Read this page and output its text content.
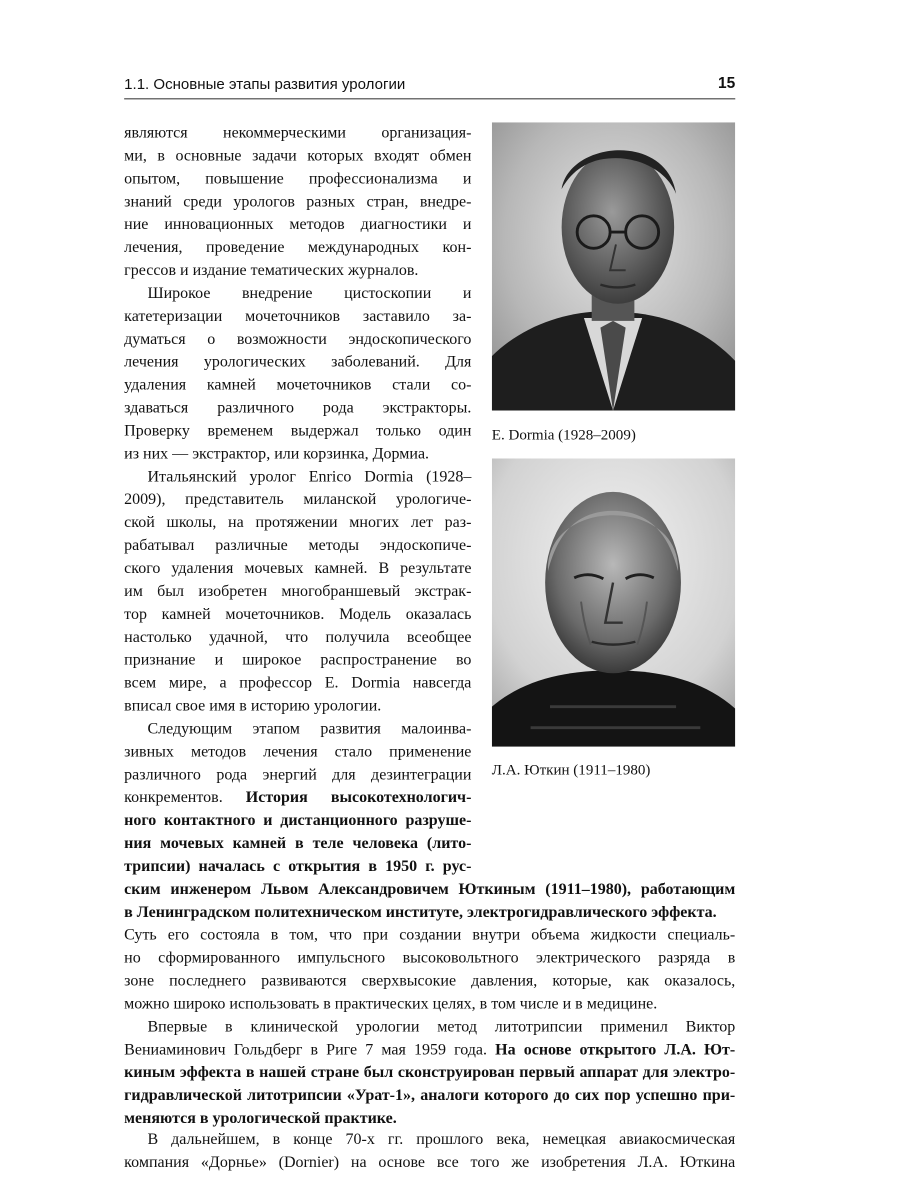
1.1. Основные этапы развития урологии	15
являются некоммерческими организация-
ми, в основные задачи которых входят обмен
опытом, повышение профессионализма и
знаний среди урологов разных стран, внедре-
ние инновационных методов диагностики и
лечения, проведение международных кон-
грессов и издание тематических журналов.
Широкое внедрение цистоскопии и
катетеризации мочеточников заставило за-
думаться о возможности эндоскопического
лечения урологических заболеваний. Для
удаления камней мочеточников стали со-
здаваться различного рода экстракторы.
Проверку временем выдержал только один
из них — экстрактор, или корзинка, Дормиа.
Итальянский уролог Enrico Dormia (1928–
2009), представитель миланской урологиче-
ской школы, на протяжении многих лет раз-
рабатывал различные методы эндоскопиче-
ского удаления мочевых камней. В результате
им был изобретен многобраншевый экстрак-
тор камней мочеточников. Модель оказалась
настолько удачной, что получила всеобщее
признание и широкое распространение во
всем мире, а профессор E. Dormia навсегда
вписал свое имя в историю урологии.
Следующим этапом развития малоинва-
зивных методов лечения стало применение
различного рода энергий для дезинтеграции
конкрементов. История высокотехнологич-
ного контактного и дистанционного разруше-
ния мочевых камней в теле человека (лито-
трипсии) началась с открытия в 1950 г. рус-
ским инженером Львом Александровичем Юткиным (1911–1980), работающим
в Ленинградском политехническом институте, электрогидравлического эффекта.
Суть его состояла в том, что при создании внутри объема жидкости специаль-
но сформированного импульсного высоковольтного электрического разряда в
зоне последнего развиваются сверхвысокие давления, которые, как оказалось,
можно широко использовать в практических целях, в том числе и в медицине.
Впервые в клинической урологии метод литотрипсии применил Виктор
Вениаминович Гольдберг в Риге 7 мая 1959 года. На основе открытого Л.А. Ют-
киным эффекта в нашей стране был сконструирован первый аппарат для электро-
гидравлической литотрипсии «Урат-1», аналоги которого до сих пор успешно при-
меняются в урологической практике.
E. Dormia (1928–2009)
Л.А. Юткин (1911–1980)
В дальнейшем, в конце 70-х гг. прошлого века, немецкая авиакосмическая
компания «Дорнье» (Dornier) на основе все того же изобретения Л.А. Юткина
